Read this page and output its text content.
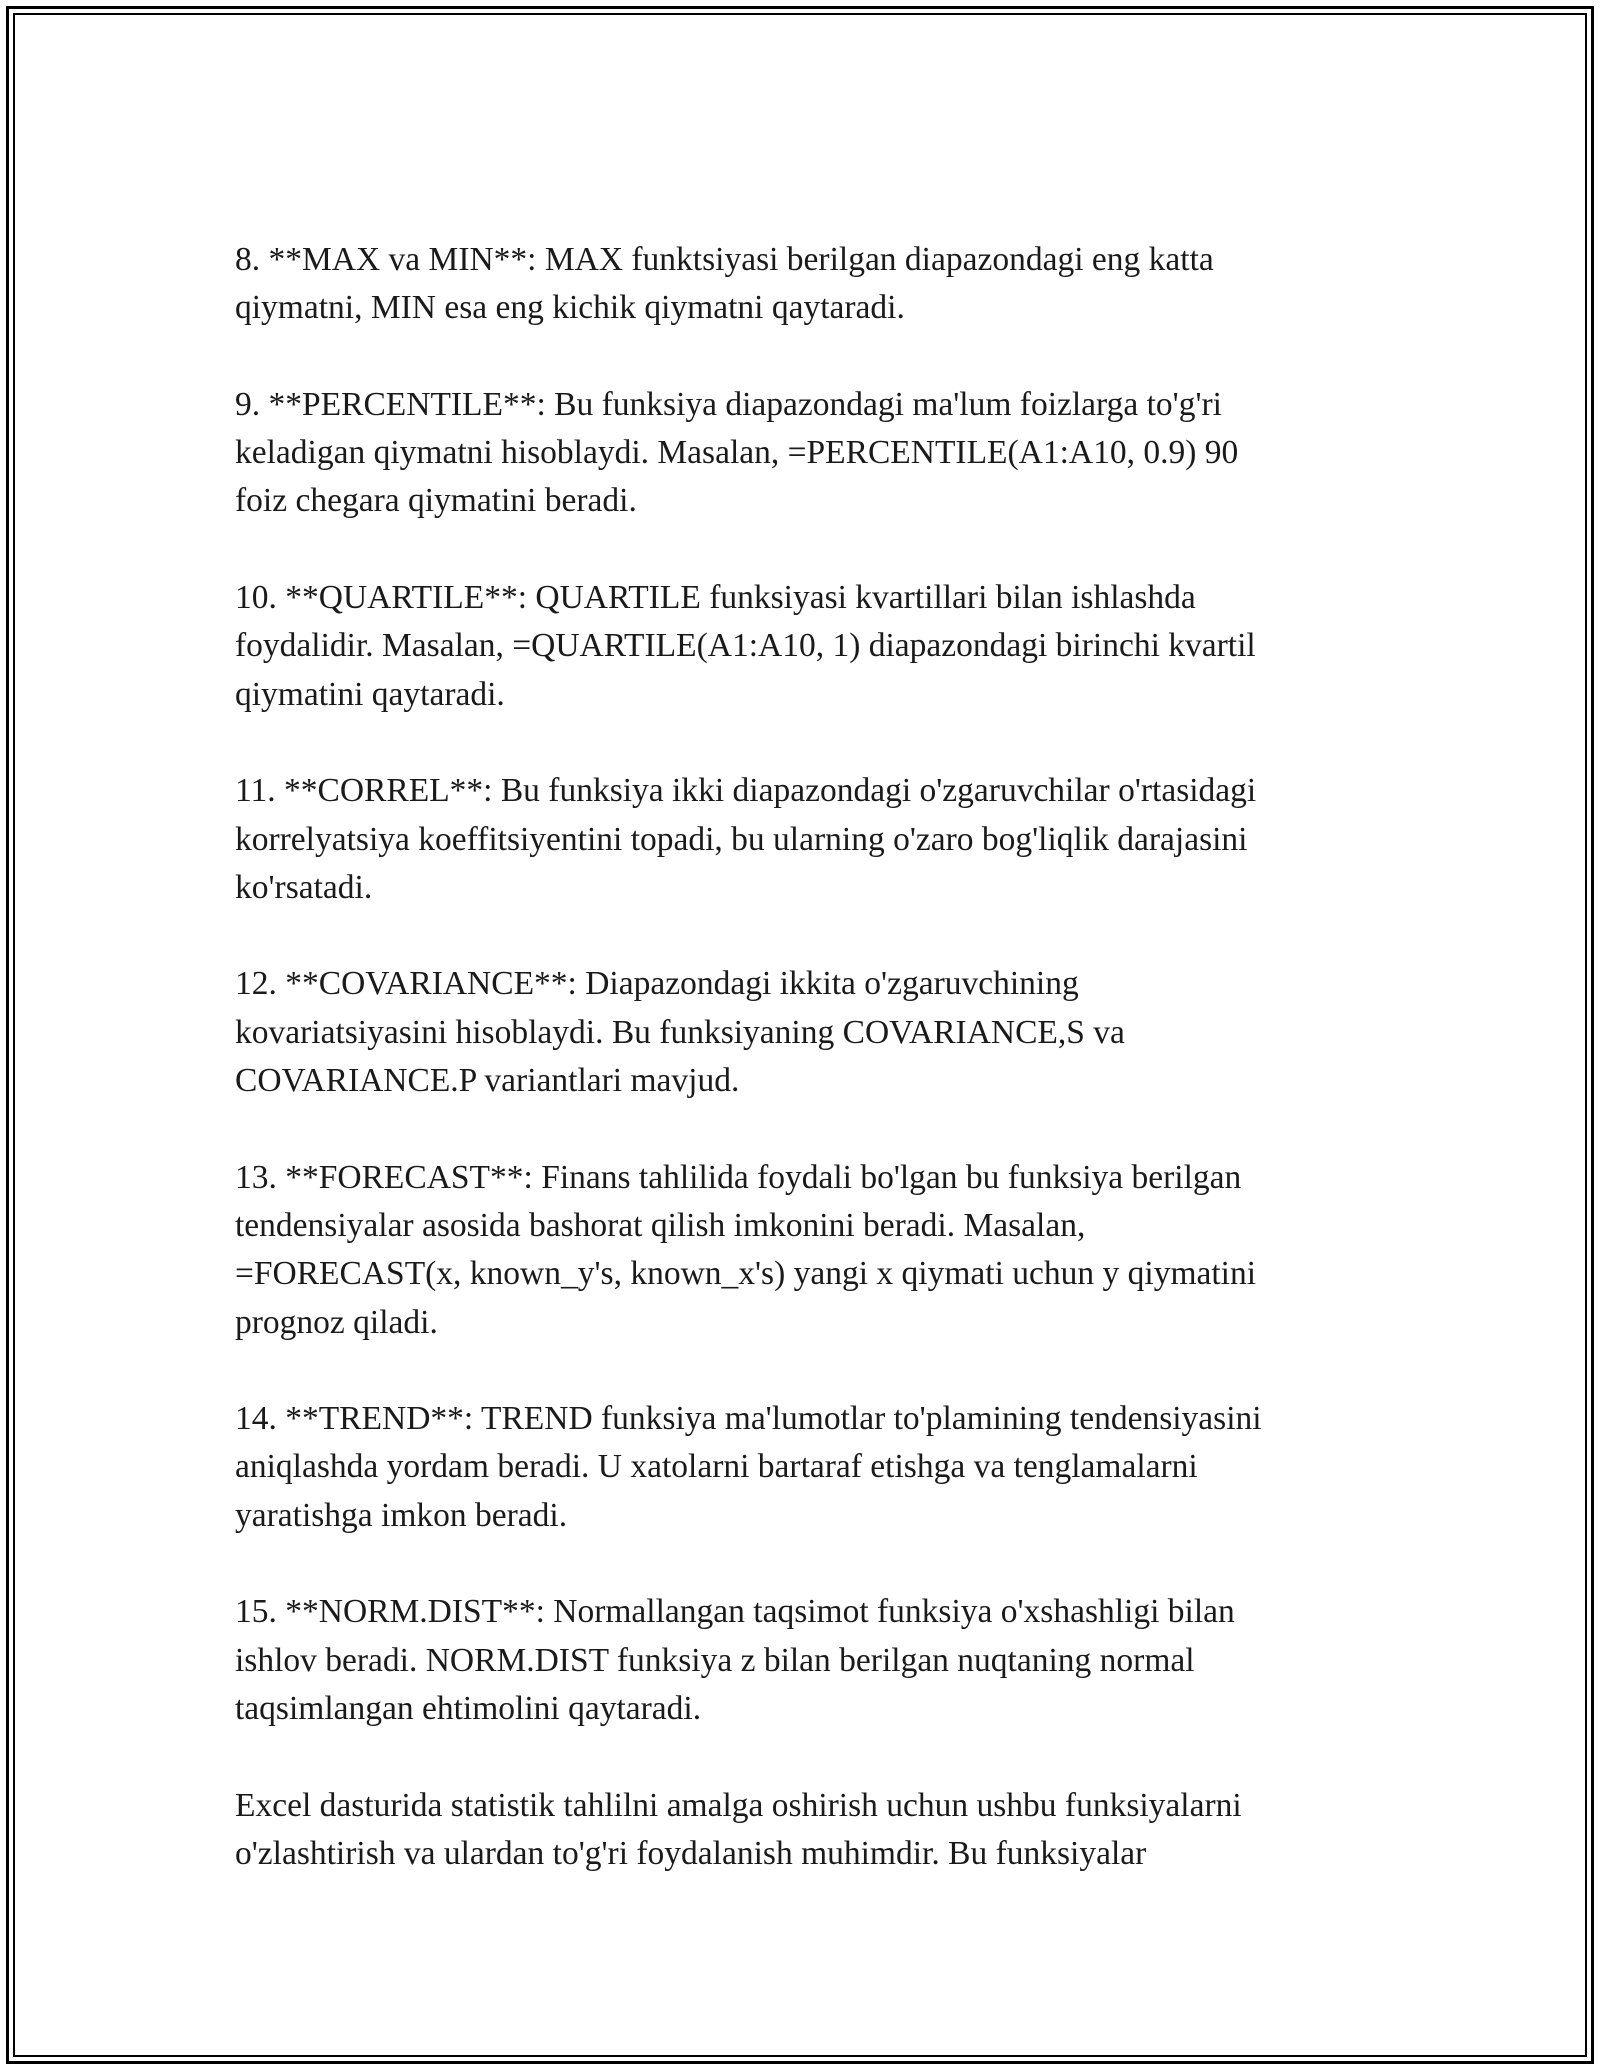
8. **MAX va MIN**: MAX funktsiyasi berilgan diapazondagi eng katta
qiymatni, MIN esa eng kichik qiymatni qaytaradi.

9. **PERCENTILE**: Bu funksiya diapazondagi ma'lum foizlarga to'g'ri
keladigan qiymatni hisoblaydi. Masalan, =PERCENTILE(A1:A10, 0.9) 90
foiz chegara qiymatini beradi.

10. **QUARTILE**: QUARTILE funksiyasi kvartillari bilan ishlashda
foydalidir. Masalan, =QUARTILE(A1:A10, 1) diapazondagi birinchi kvartil
qiymatini qaytaradi.

11. **CORREL**: Bu funksiya ikki diapazondagi o'zgaruvchilar o'rtasidagi
korrelyatsiya koeffitsiyentini topadi, bu ularning o'zaro bog'liqlik darajasini
ko'rsatadi.

12. **COVARIANCE**: Diapazondagi ikkita o'zgaruvchining
kovariatsiyasini hisoblaydi. Bu funksiyaning COVARIANCE,S va
COVARIANCE.P variantlari mavjud.

13. **FORECAST**: Finans tahlilida foydali bo'lgan bu funksiya berilgan
tendensiyalar asosida bashorat qilish imkonini beradi. Masalan,
=FORECAST(x, known_y's, known_x's) yangi x qiymati uchun y qiymatini
prognoz qiladi.

14. **TREND**: TREND funksiya ma'lumotlar to'plamining tendensiyasini
aniqlashda yordam beradi. U xatolarni bartaraf etishga va tenglamalarni
yaratishga imkon beradi.

15. **NORM.DIST**: Normallangan taqsimot funksiya o'xshashligi bilan
ishlov beradi. NORM.DIST funksiya z bilan berilgan nuqtaning normal
taqsimlangan ehtimolini qaytaradi.

Excel dasturida statistik tahlilni amalga oshirish uchun ushbu funksiyalarni
o'zlashtirish va ulardan to'g'ri foydalanish muhimdir. Bu funksiyalar
